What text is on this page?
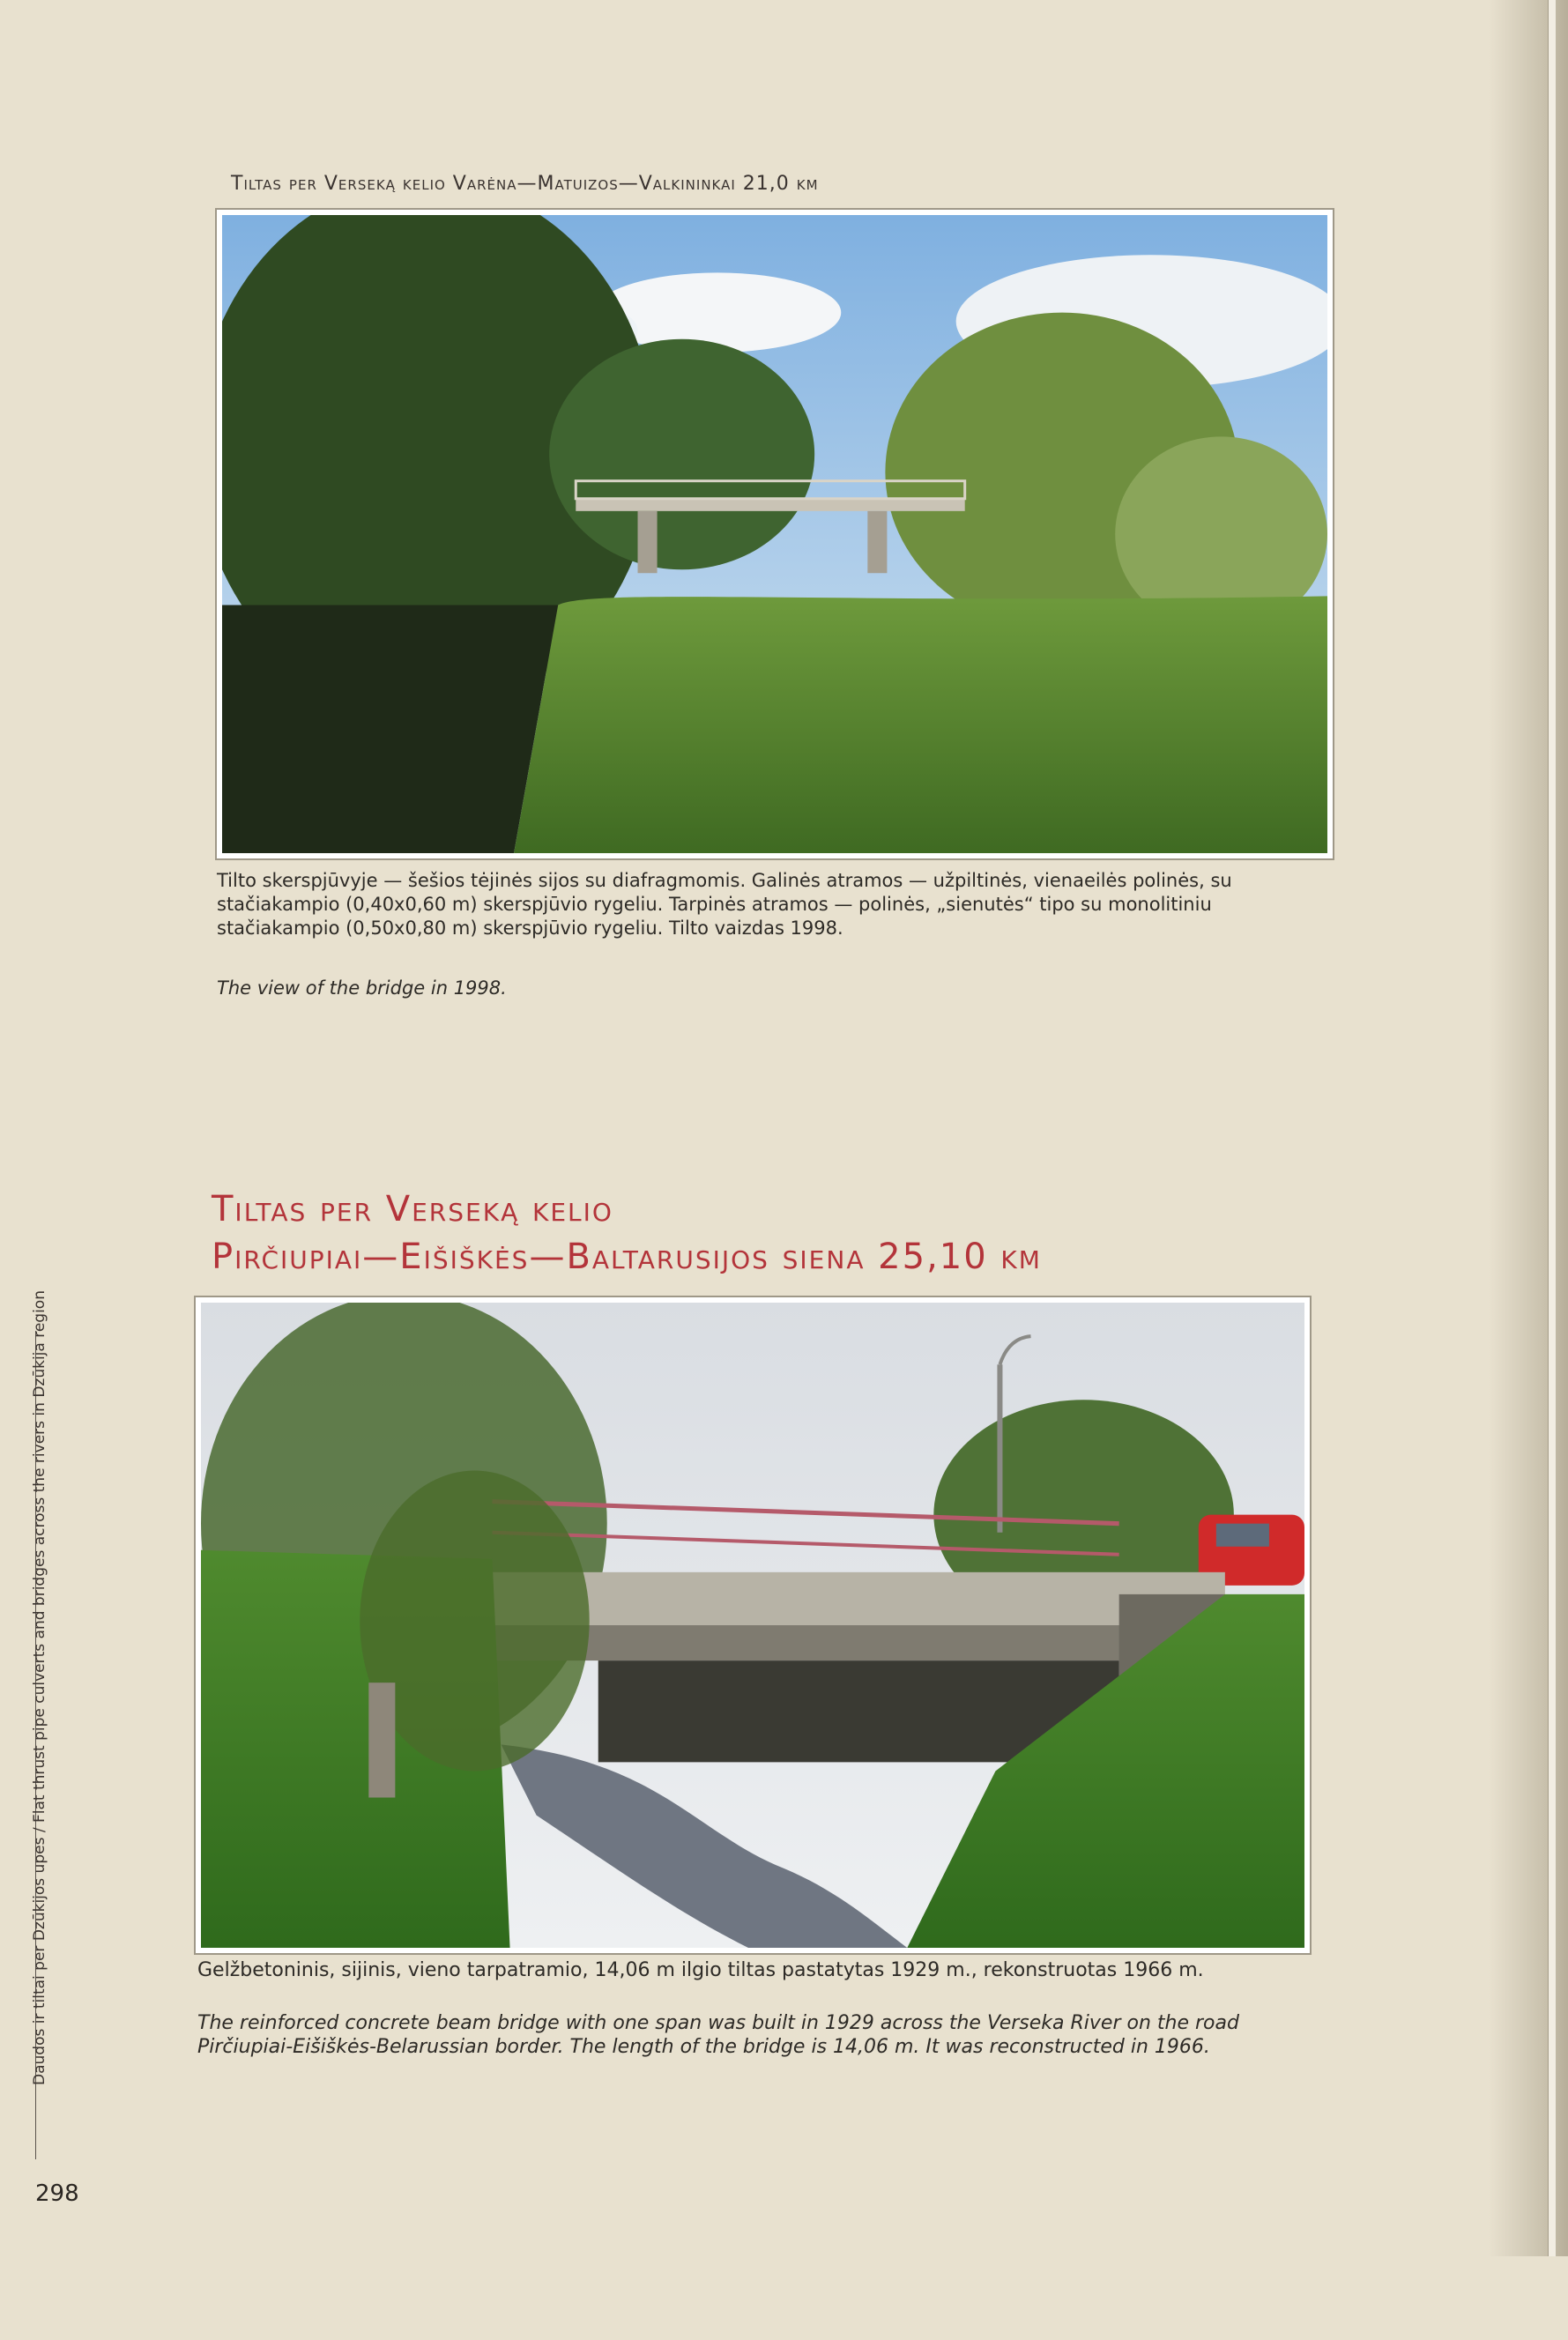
Tiltas per Verseką kelio Varėna—Matuizos—Valkininkai 21,0 km
Tilto skerspjūvyje — šešios tėjinės sijos su diafragmomis. Galinės atramos — užpiltinės, vienaeilės polinės, su stačiakampio (0,40x0,60 m) skerspjūvio rygeliu. Tarpinės atramos — polinės, „sienutės“ tipo su monolitiniu stačiakampio (0,50x0,80 m) skerspjūvio rygeliu. Tilto vaizdas 1998.
The view of the bridge in 1998.
Tiltas per Verseką kelio
Pirčiupiai—Eišiškės—Baltarusijos siena 25,10 km
Gelžbetoninis, sijinis, vieno tarpatramio, 14,06 m ilgio tiltas pastatytas 1929 m., rekonstruotas 1966 m.
The reinforced concrete beam bridge with one span was built in 1929 across the Verseka River on the road Pirčiupiai-Eišiškės-Belarussian border. The length of the bridge is 14,06 m. It was reconstructed in 1966.
Daudos ir tiltai per Dzūkijos upes / Flat thrust pipe culverts and bridges across the rivers in Dzūkija region
298
